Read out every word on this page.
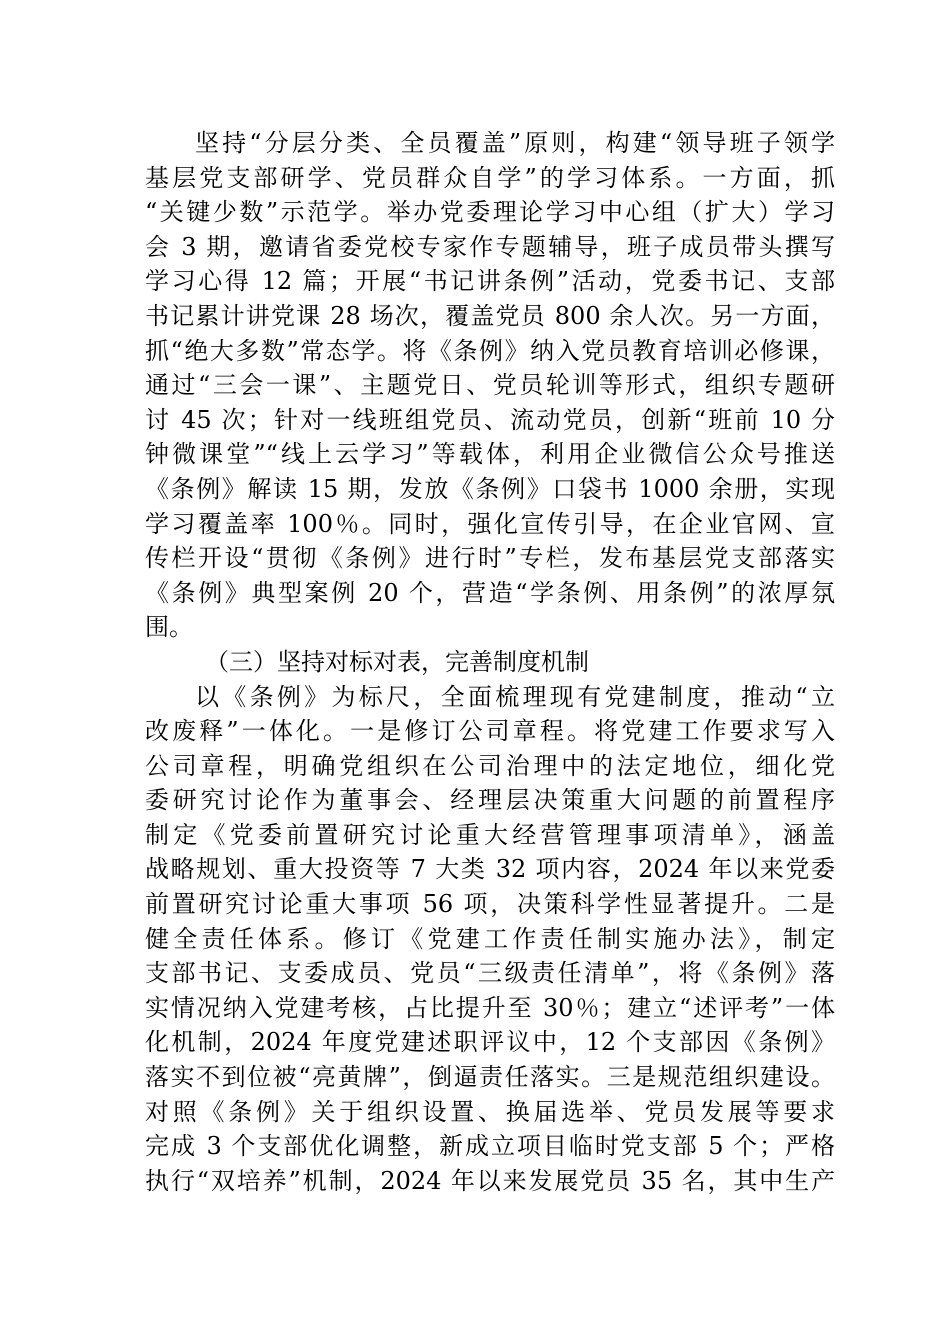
坚持“分层分类、全员覆盖”原则，构建“领导班子领学
基层党支部研学、党员群众自学”的学习体系。一方面，抓
“关键少数”示范学。举办党委理论学习中心组（扩大）学习
会 3 期，邀请省委党校专家作专题辅导，班子成员带头撰写
学习心得 12 篇；开展“书记讲条例”活动，党委书记、支部
书记累计讲党课 28 场次，覆盖党员 800 余人次。另一方面，
抓“绝大多数”常态学。将《条例》纳入党员教育培训必修课，
通过“三会一课”、主题党日、党员轮训等形式，组织专题研
讨 45 次；针对一线班组党员、流动党员，创新“班前 10 分
钟微课堂”“线上云学习”等载体，利用企业微信公众号推送
《条例》解读 15 期，发放《条例》口袋书 1000 余册，实现
学习覆盖率 100％。同时，强化宣传引导，在企业官网、宣
传栏开设“贯彻《条例》进行时”专栏，发布基层党支部落实
《条例》典型案例 20 个，营造“学条例、用条例”的浓厚氛
围。
（三）坚持对标对表，完善制度机制
以《条例》为标尺，全面梳理现有党建制度，推动“立
改废释”一体化。一是修订公司章程。将党建工作要求写入
公司章程，明确党组织在公司治理中的法定地位，细化党
委研究讨论作为董事会、经理层决策重大问题的前置程序
制定《党委前置研究讨论重大经营管理事项清单》，涵盖
战略规划、重大投资等 7 大类 32 项内容，2024 年以来党委
前置研究讨论重大事项 56 项，决策科学性显著提升。二是
健全责任体系。修订《党建工作责任制实施办法》，制定
支部书记、支委成员、党员“三级责任清单”，将《条例》落
实情况纳入党建考核，占比提升至 30％；建立“述评考”一体
化机制，2024 年度党建述职评议中，12 个支部因《条例》
落实不到位被“亮黄牌”，倒逼责任落实。三是规范组织建设。
对照《条例》关于组织设置、换届选举、党员发展等要求
完成 3 个支部优化调整，新成立项目临时党支部 5 个；严格
执行“双培养”机制，2024 年以来发展党员 35 名，其中生产
